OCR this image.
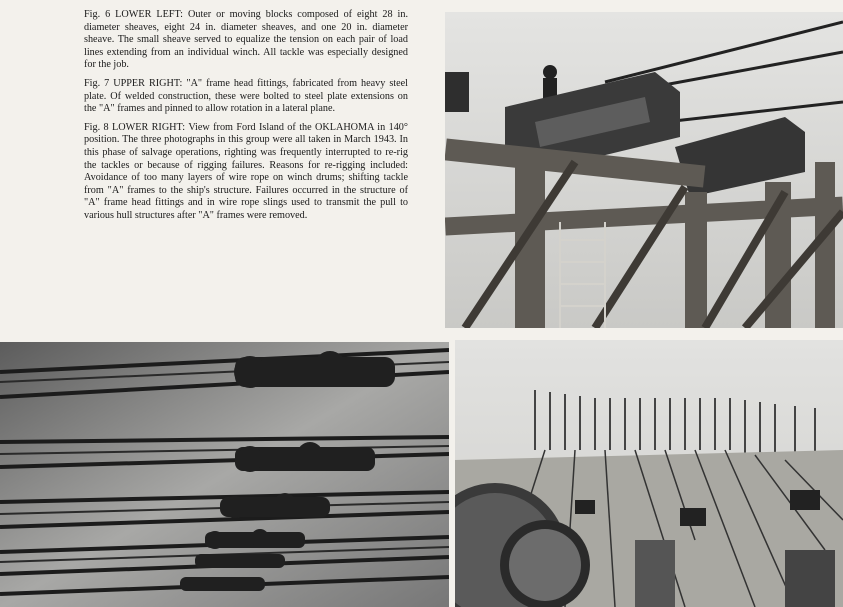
Fig. 6 LOWER LEFT: Outer or moving blocks composed of eight 28 in. diameter sheaves, eight 24 in. diameter sheaves, and one 20 in. diameter sheave. The small sheave served to equalize the tension on each pair of load lines extending from an individual winch. All tackle was especially designed for the job.

Fig. 7 UPPER RIGHT: "A" frame head fittings, fabricated from heavy steel plate. Of welded construction, these were bolted to steel plate extensions on the "A" frames and pinned to allow rotation in a lateral plane.

Fig. 8 LOWER RIGHT: View from Ford Island of the OKLAHOMA in 140° position. The three photographs in this group were all taken in March 1943. In this phase of salvage operations, righting was frequently interrupted to re-rig the tackles or because of rigging failures. Reasons for re-rigging included: Avoidance of too many layers of wire rope on winch drums; shifting tackle from "A" frames to the ship's structure. Failures occurred in the structure of "A" frame head fittings and in wire rope slings used to transmit the pull to various hull structures after "A" frames were removed.
